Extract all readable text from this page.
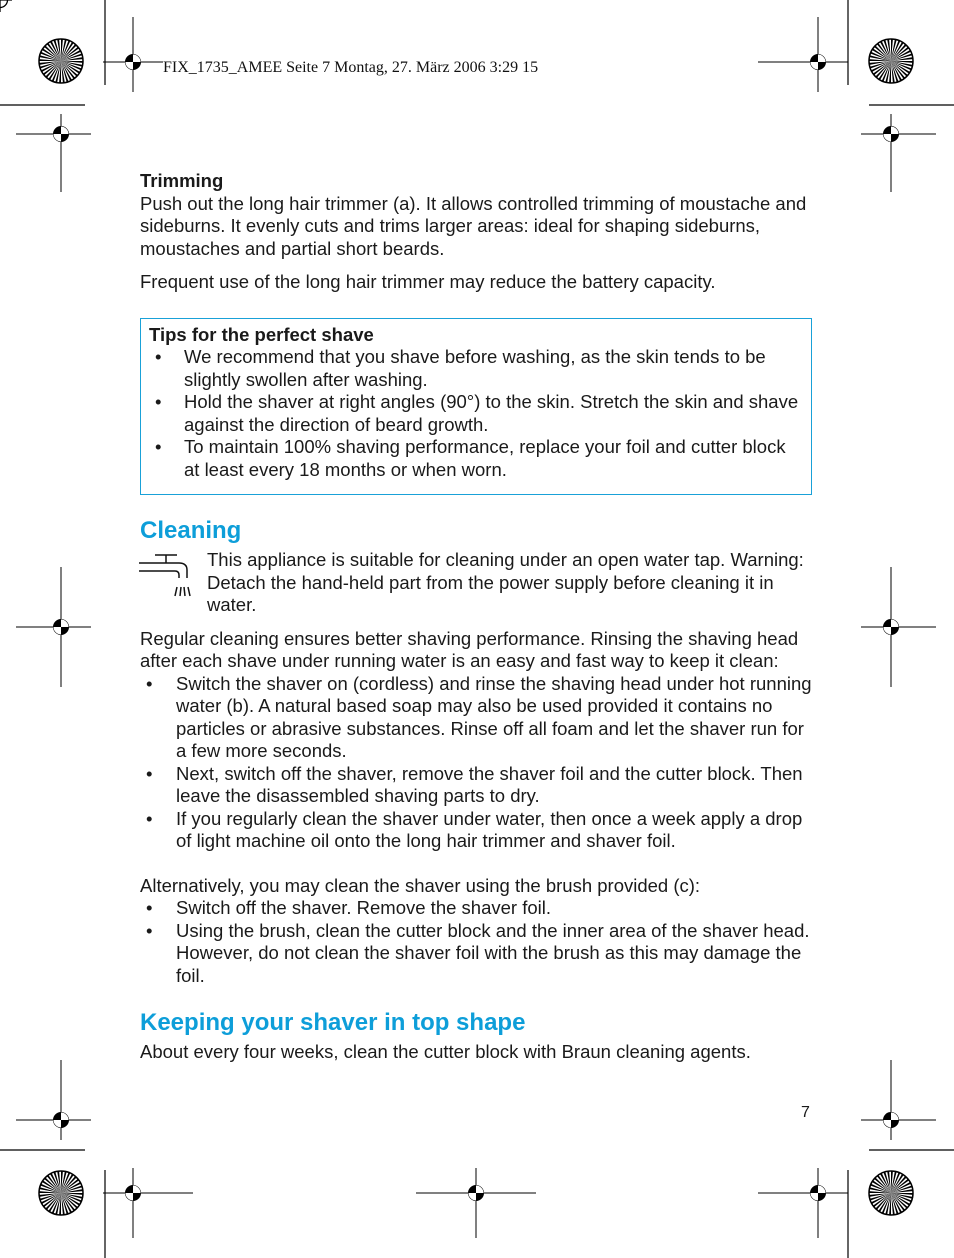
FIX_1735_AMEE Seite 7 Montag, 27. März 2006 3:29 15

Trimming

Push out the long hair trimmer (a). It allows controlled trimming of moustache and sideburns. It evenly cuts and trims larger areas: ideal for shaping sideburns, moustaches and partial short beards.

Frequent use of the long hair trimmer may reduce the battery capacity.

Tips for the perfect shave

• We recommend that you shave before washing, as the skin tends to be slightly swollen after washing.
• Hold the shaver at right angles (90°) to the skin. Stretch the skin and shave against the direction of beard growth.
• To maintain 100% shaving performance, replace your foil and cutter block at least every 18 months or when worn.
Cleaning

This appliance is suitable for cleaning under an open water tap. Warning: Detach the hand-held part from the power supply before cleaning it in water.

Regular cleaning ensures better shaving performance. Rinsing the shaving head after each shave under running water is an easy and fast way to keep it clean:

• Switch the shaver on (cordless) and rinse the shaving head under hot running water (b). A natural based soap may also be used provided it contains no particles or abrasive substances. Rinse off all foam and let the shaver run for a few more seconds.
• Next, switch off the shaver, remove the shaver foil and the cutter block. Then leave the disassembled shaving parts to dry.
• If you regularly clean the shaver under water, then once a week apply a drop of light machine oil onto the long hair trimmer and shaver foil.

Alternatively, you may clean the shaver using the brush provided (c):

• Switch off the shaver. Remove the shaver foil.
• Using the brush, clean the cutter block and the inner area of the shaver head. However, do not clean the shaver foil with the brush as this may damage the foil.
Keeping your shaver in top shape

About every four weeks, clean the cutter block with Braun cleaning agents.

7
